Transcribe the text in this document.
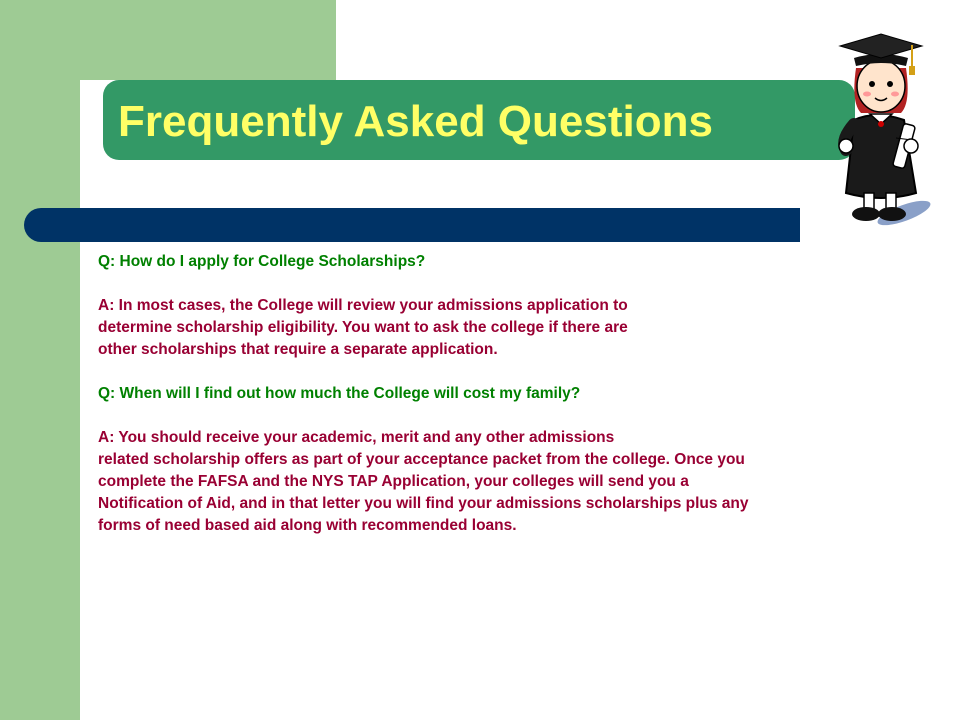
Frequently Asked Questions

Q: How do I apply for College Scholarships?

A: In most cases, the College will review your admissions application to

determine scholarship eligibility. You want to ask the college if there are

other scholarships that require a separate application.

Q: When will I find out how much the College will cost my family?

A: You should receive your academic, merit and any other admissions

related scholarship offers as part of your acceptance packet from the college. Once you

complete the FAFSA and the NYS TAP Application, your colleges will send you a

Notification of Aid, and in that letter you will find your admissions scholarships plus any

forms of need based aid along with recommended loans.
